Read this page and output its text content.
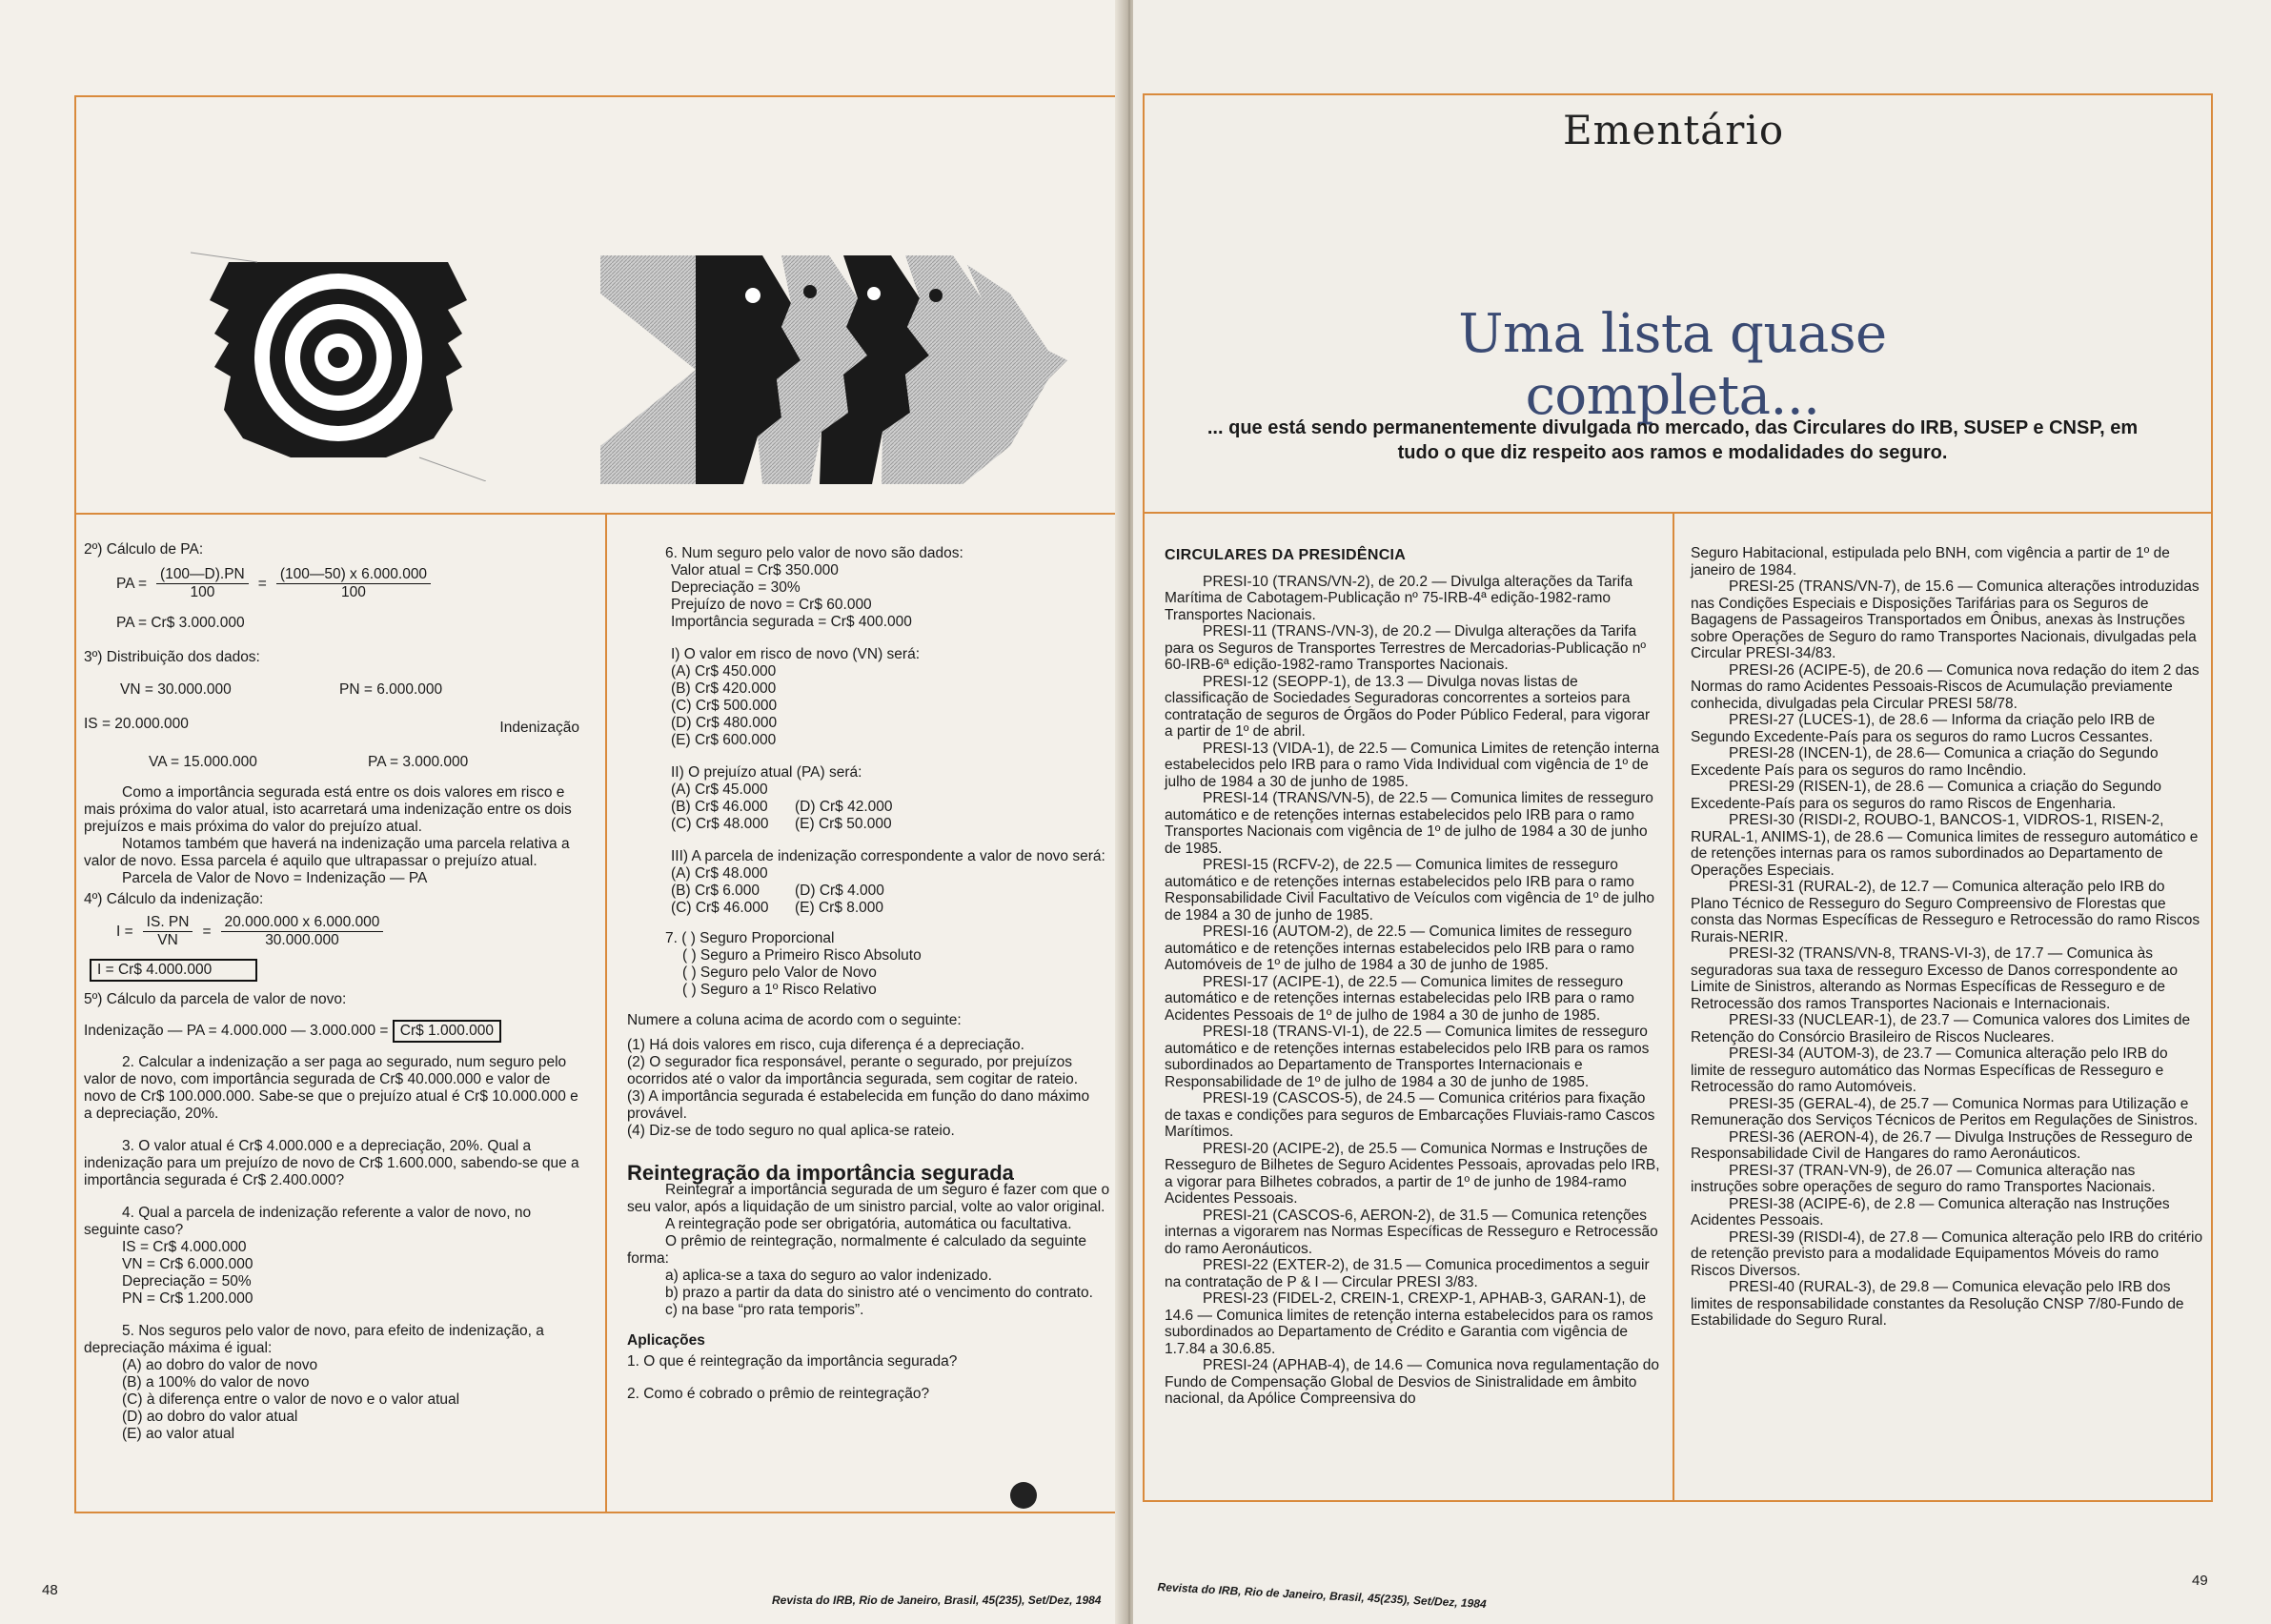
2º) Cálculo de PA:

PA = $\frac{(100—D).PN}{100} = \frac{(100—50) x 6.000.000}{100}$

PA = Cr$ 3.000.000

3º) Distribuição dos dados:

VN = 30.000.000	PN = 6.000.000
IS = 20.000.000	Indenização
VA = 15.000.000	PA = 3.000.000

Como a importância segurada está entre os dois valores em risco e mais próxima do valor atual, isto acarretará uma indenização entre os dois prejuízos e mais próxima do valor do prejuízo atual.

Notamos também que haverá na indenização uma parcela relativa a valor de novo. Essa parcela é aquilo que ultrapassar o prejuízo atual.

Parcela de Valor de Novo = Indenização — PA

4º) Cálculo da indenização:

$I = \frac{IS. PN}{VN} = \frac{20.000.000 x 6.000.000}{30.000.000}$

I = Cr$ 4.000.000

5º) Cálculo da parcela de valor de novo:

Indenização — PA = 4.000.000 — 3.000.000 = Cr$ 1.000.000

2. Calcular a indenização a ser paga ao segurado, num seguro pelo valor de novo, com importância segurada de Cr$ 40.000.000 e valor de novo de Cr$ 100.000.000. Sabe-se que o prejuízo atual é Cr$ 10.000.000 e a depreciação, 20%.

3. O valor atual é Cr$ 4.000.000 e a depreciação, 20%. Qual a indenização para um prejuízo de novo de Cr$ 1.600.000, sabendo-se que a importância segurada é Cr$ 2.400.000?

4. Qual a parcela de indenização referente a valor de novo, no seguinte caso?

IS = Cr$ 4.000.000

VN = Cr$ 6.000.000

Depreciação = 50%

PN = Cr$ 1.200.000

5. Nos seguros pelo valor de novo, para efeito de indenização, a depreciação máxima é igual:

(A) ao dobro do valor de novo

(B) a 100% do valor de novo

(C) à diferença entre o valor de novo e o valor atual

(D) ao dobro do valor atual

(E) ao valor atual

6. Num seguro pelo valor de novo são dados:

Valor atual = Cr$ 350.000

Depreciação = 30%

Prejuízo de novo = Cr$ 60.000

Importância segurada = Cr$ 400.000

I) O valor em risco de novo (VN) será:

(A) Cr$ 450.000

(B) Cr$ 420.000

(C) Cr$ 500.000

(D) Cr$ 480.000

(E) Cr$ 600.000

II) O prejuízo atual (PA) será:

(A) Cr$ 45.000
(B) Cr$ 46.000	(D) Cr$ 42.000
(C) Cr$ 48.000	(E) Cr$ 50.000

III) A parcela de indenização correspondente a valor de novo será:

(A) Cr$ 48.000
(B) Cr$ 6.000	(D) Cr$ 4.000
(C) Cr$ 46.000	(E) Cr$ 8.000

7. ( ) Seguro Proporcional

( ) Seguro a Primeiro Risco Absoluto

( ) Seguro pelo Valor de Novo

( ) Seguro a 1º Risco Relativo

Numere a coluna acima de acordo com o seguinte:

(1) Há dois valores em risco, cuja diferença é a depreciação.

(2) O segurador fica responsável, perante o segurado, por prejuízos ocorridos até o valor da importância segurada, sem cogitar de rateio.

(3) A importância segurada é estabelecida em função do dano máximo provável.

(4) Diz-se de todo seguro no qual aplica-se rateio.

Reintegração da importância segurada

Reintegrar a importância segurada de um seguro é fazer com que o seu valor, após a liquidação de um sinistro parcial, volte ao valor original.

A reintegração pode ser obrigatória, automática ou facultativa.

O prêmio de reintegração, normalmente é calculado da seguinte forma:

a) aplica-se a taxa do seguro ao valor indenizado.

b) prazo a partir da data do sinistro até o vencimento do contrato.

c) na base “pro rata temporis”.

Aplicações

1. O que é reintegração da importância segurada?

2. Como é cobrado o prêmio de reintegração?

48
Revista do IRB, Rio de Janeiro, Brasil, 45(235), Set/Dez, 1984
Ementário
Uma lista quase completa...
... que está sendo permanentemente divulgada no mercado, das Circulares do IRB, SUSEP e CNSP, em tudo o que diz respeito aos ramos e modalidades do seguro.

CIRCULARES DA PRESIDÊNCIA

PRESI-10 (TRANS/VN-2), de 20.2 — Divulga alterações da Tarifa Marítima de Cabotagem-Publicação nº 75-IRB-4ª edição-1982-ramo Transportes Nacionais.

PRESI-11 (TRANS-/VN-3), de 20.2 — Divulga alterações da Tarifa para os Seguros de Transportes Terrestres de Mercadorias-Publicação nº 60-IRB-6ª edição-1982-ramo Transportes Nacionais.

PRESI-12 (SEOPP-1), de 13.3 — Divulga novas listas de classificação de Sociedades Seguradoras concorrentes a sorteios para contratação de seguros de Órgãos do Poder Público Federal, para vigorar a partir de 1º de abril.

PRESI-13 (VIDA-1), de 22.5 — Comunica Limites de retenção interna estabelecidos pelo IRB para o ramo Vida Individual com vigência de 1º de julho de 1984 a 30 de junho de 1985.

PRESI-14 (TRANS/VN-5), de 22.5 — Comunica limites de resseguro automático e de retenções internas estabelecidos pelo IRB para o ramo Transportes Nacionais com vigência de 1º de julho de 1984 a 30 de junho de 1985.

PRESI-15 (RCFV-2), de 22.5 — Comunica limites de resseguro automático e de retenções internas estabelecidos pelo IRB para o ramo Responsabilidade Civil Facultativo de Veículos com vigência de 1º de julho de 1984 a 30 de junho de 1985.

PRESI-16 (AUTOM-2), de 22.5 — Comunica limites de resseguro automático e de retenções internas estabelecidos pelo IRB para o ramo Automóveis de 1º de julho de 1984 a 30 de junho de 1985.

PRESI-17 (ACIPE-1), de 22.5 — Comunica limites de resseguro automático e de retenções internas estabelecidas pelo IRB para o ramo Acidentes Pessoais de 1º de julho de 1984 a 30 de junho de 1985.

PRESI-18 (TRANS-VI-1), de 22.5 — Comunica limites de resseguro automático e de retenções internas estabelecidos pelo IRB para os ramos subordinados ao Departamento de Transportes Internacionais e Responsabilidade de 1º de julho de 1984 a 30 de junho de 1985.

PRESI-19 (CASCOS-5), de 24.5 — Comunica critérios para fixação de taxas e condições para seguros de Embarcações Fluviais-ramo Cascos Marítimos.

PRESI-20 (ACIPE-2), de 25.5 — Comunica Normas e Instruções de Resseguro de Bilhetes de Seguro Acidentes Pessoais, aprovadas pelo IRB, a vigorar para Bilhetes cobrados, a partir de 1º de junho de 1984-ramo Acidentes Pessoais.

PRESI-21 (CASCOS-6, AERON-2), de 31.5 — Comunica retenções internas a vigorarem nas Normas Específicas de Resseguro e Retrocessão do ramo Aeronáuticos.

PRESI-22 (EXTER-2), de 31.5 — Comunica procedimentos a seguir na contratação de P & I — Circular PRESI 3/83.

PRESI-23 (FIDEL-2, CREIN-1, CREXP-1, APHAB-3, GARAN-1), de 14.6 — Comunica limites de retenção interna estabelecidos para os ramos subordinados ao Departamento de Crédito e Garantia com vigência de 1.7.84 a 30.6.85.

PRESI-24 (APHAB-4), de 14.6 — Comunica nova regulamentação do Fundo de Compensação Global de Desvios de Sinistralidade em âmbito nacional, da Apólice Compreensiva do

Seguro Habitacional, estipulada pelo BNH, com vigência a partir de 1º de janeiro de 1984.

PRESI-25 (TRANS/VN-7), de 15.6 — Comunica alterações introduzidas nas Condições Especiais e Disposições Tarifárias para os Seguros de Bagagens de Passageiros Transportados em Ônibus, anexas às Instruções sobre Operações de Seguro do ramo Transportes Nacionais, divulgadas pela Circular PRESI-34/83.

PRESI-26 (ACIPE-5), de 20.6 — Comunica nova redação do item 2 das Normas do ramo Acidentes Pessoais-Riscos de Acumulação previamente conhecida, divulgadas pela Circular PRESI 58/78.

PRESI-27 (LUCES-1), de 28.6 — Informa da criação pelo IRB de Segundo Excedente-País para os seguros do ramo Lucros Cessantes.

PRESI-28 (INCEN-1), de 28.6— Comunica a criação do Segundo Excedente País para os seguros do ramo Incêndio.

PRESI-29 (RISEN-1), de 28.6 — Comunica a criação do Segundo Excedente-País para os seguros do ramo Riscos de Engenharia.

PRESI-30 (RISDI-2, ROUBO-1, BANCOS-1, VIDROS-1, RISEN-2, RURAL-1, ANIMS-1), de 28.6 — Comunica limites de resseguro automático e de retenções internas para os ramos subordinados ao Departamento de Operações Especiais.

PRESI-31 (RURAL-2), de 12.7 — Comunica alteração pelo IRB do Plano Técnico de Resseguro do Seguro Compreensivo de Florestas que consta das Normas Específicas de Resseguro e Retrocessão do ramo Riscos Rurais-NERIR.

PRESI-32 (TRANS/VN-8, TRANS-VI-3), de 17.7 — Comunica às seguradoras sua taxa de resseguro Excesso de Danos correspondente ao Limite de Sinistros, alterando as Normas Específicas de Resseguro e de Retrocessão dos ramos Transportes Nacionais e Internacionais.

PRESI-33 (NUCLEAR-1), de 23.7 — Comunica valores dos Limites de Retenção do Consórcio Brasileiro de Riscos Nucleares.

PRESI-34 (AUTOM-3), de 23.7 — Comunica alteração pelo IRB do limite de resseguro automático das Normas Específicas de Resseguro e Retrocessão do ramo Automóveis.

PRESI-35 (GERAL-4), de 25.7 — Comunica Normas para Utilização e Remuneração dos Serviços Técnicos de Peritos em Regulações de Sinistros.

PRESI-36 (AERON-4), de 26.7 — Divulga Instruções de Resseguro de Responsabilidade Civil de Hangares do ramo Aeronáuticos.

PRESI-37 (TRAN-VN-9), de 26.07 — Comunica alteração nas instruções sobre operações de seguro do ramo Transportes Nacionais.

PRESI-38 (ACIPE-6), de 2.8 — Comunica alteração nas Instruções Acidentes Pessoais.

PRESI-39 (RISDI-4), de 27.8 — Comunica alteração pelo IRB do critério de retenção previsto para a modalidade Equipamentos Móveis do ramo Riscos Diversos.

PRESI-40 (RURAL-3), de 29.8 — Comunica elevação pelo IRB dos limites de responsabilidade constantes da Resolução CNSP 7/80-Fundo de Estabilidade do Seguro Rural.

Revista do IRB, Rio de Janeiro, Brasil, 45(235), Set/Dez, 1984	49
